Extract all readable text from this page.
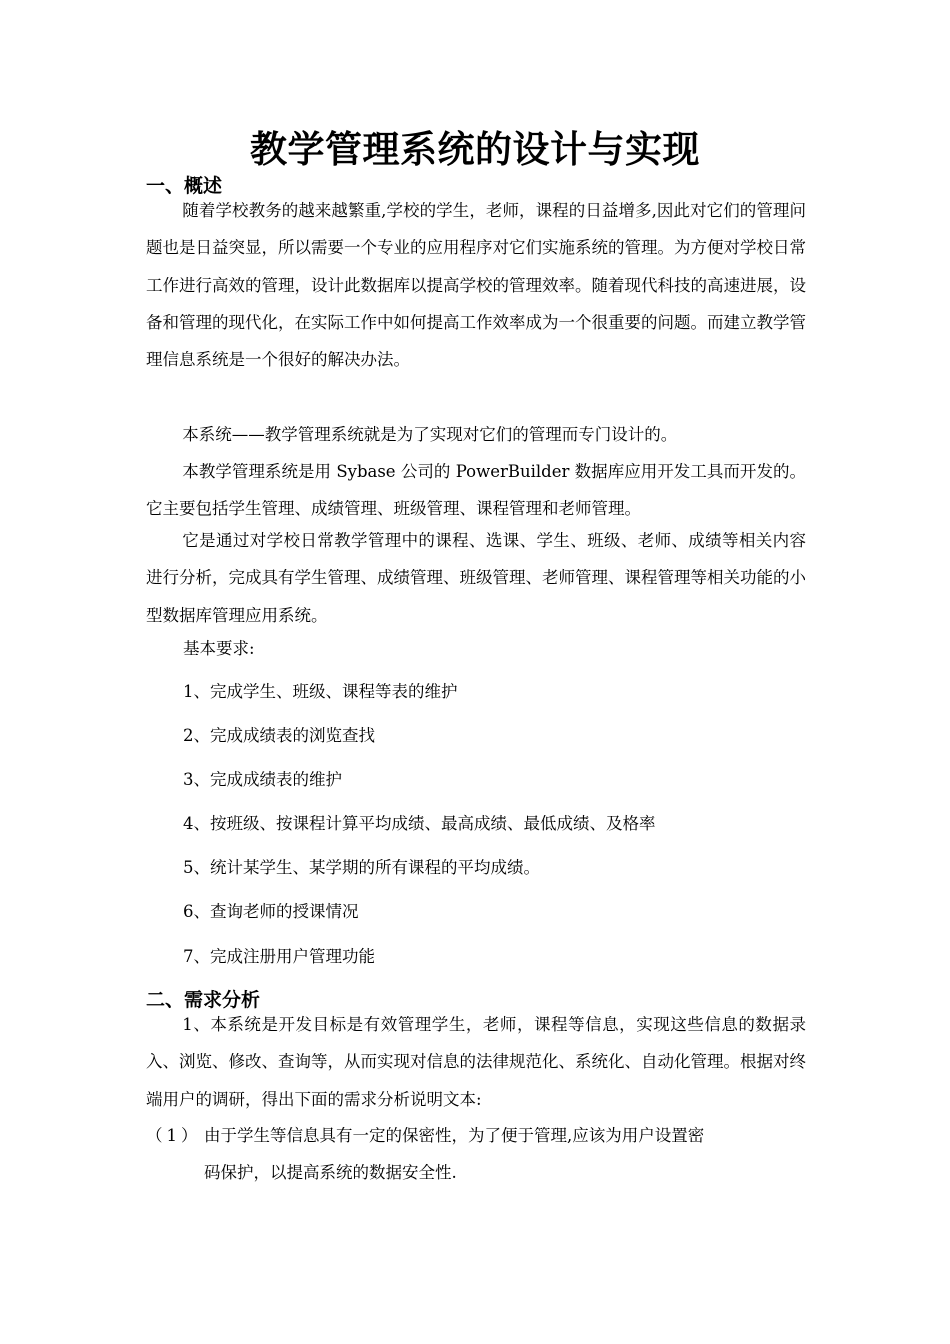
教学管理系统的设计与实现
一、概述

随着学校教务的越来越繁重,学校的学生，老师，课程的日益增多,因此对它们的管理问题也是日益突显，所以需要一个专业的应用程序对它们实施系统的管理。为方便对学校日常工作进行高效的管理，设计此数据库以提高学校的管理效率。随着现代科技的高速进展，设备和管理的现代化，在实际工作中如何提高工作效率成为一个很重要的问题。而建立教学管理信息系统是一个很好的解决办法。

本系统——教学管理系统就是为了实现对它们的管理而专门设计的。

本教学管理系统是用 Sybase 公司的 PowerBuilder 数据库应用开发工具而开发的。它主要包括学生管理、成绩管理、班级管理、课程管理和老师管理。

它是通过对学校日常教学管理中的课程、选课、学生、班级、老师、成绩等相关内容进行分析，完成具有学生管理、成绩管理、班级管理、老师管理、课程管理等相关功能的小型数据库管理应用系统。

基本要求:
1、完成学生、班级、课程等表的维护
2、完成成绩表的浏览查找
3、完成成绩表的维护
4、按班级、按课程计算平均成绩、最高成绩、最低成绩、及格率
5、统计某学生、某学期的所有课程的平均成绩。
6、查询老师的授课情况
7、完成注册用户管理功能
二、需求分析

1、本系统是开发目标是有效管理学生，老师，课程等信息，实现这些信息的数据录入、浏览、修改、查询等，从而实现对信息的法律规范化、系统化、自动化管理。根据对终端用户的调研，得出下面的需求分析说明文本:

（1） 由于学生等信息具有一定的保密性，为了便于管理,应该为用户设置密
码保护，以提高系统的数据安全性.
